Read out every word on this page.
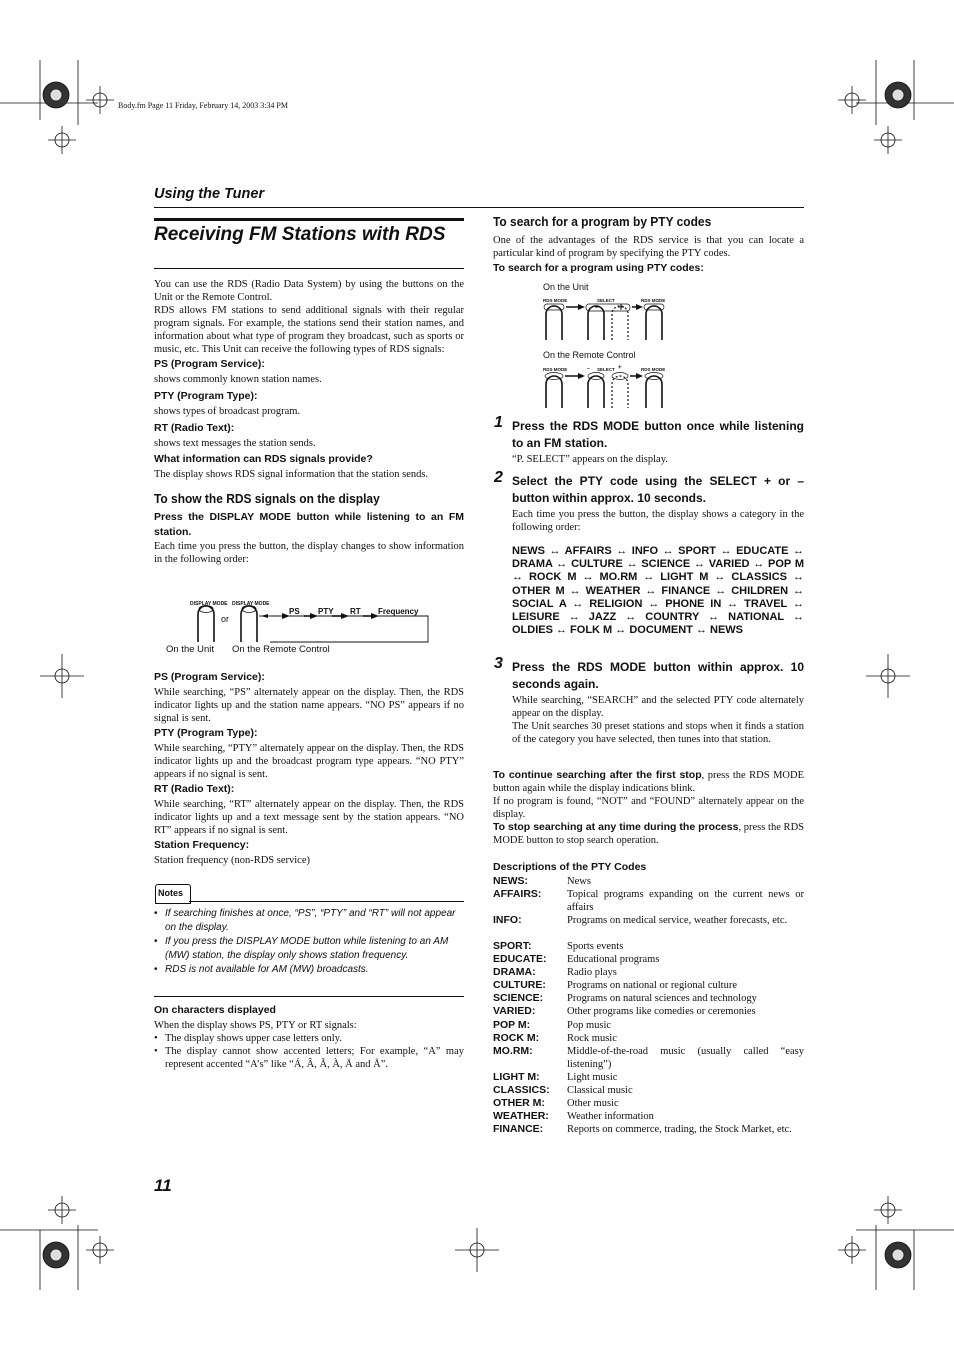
Body.fm Page 11 Friday, February 14, 2003 3:34 PM
Using the Tuner
Receiving FM Stations with RDS
You can use the RDS (Radio Data System) by using the buttons on the Unit or the Remote Control.
RDS allows FM stations to send additional signals with their regular program signals. For example, the stations send their station names, and information about what type of program they broadcast, such as sports or music, etc. This Unit can receive the following types of RDS signals:
PS (Program Service):
shows commonly known station names.
PTY (Program Type):
shows types of broadcast program.
RT (Radio Text):
shows text messages the station sends.
What information can RDS signals provide?
The display shows RDS signal information that the station sends.
To show the RDS signals on the display
Press the DISPLAY MODE button while listening to an FM station.
Each time you press the button, the display changes to show information in the following order:
DISPLAY MODE DISPLAY MODE
or
PS PTY RT Frequency
On the Unit On the Remote Control
PS (Program Service):
While searching, “PS” alternately appear on the display. Then, the RDS indicator lights up and the station name appears. “NO PS” appears if no signal is sent.
PTY (Program Type):
While searching, “PTY” alternately appear on the display. Then, the RDS indicator lights up and the broadcast program type appears. “NO PTY” appears if no signal is sent.
RT (Radio Text):
While searching, “RT” alternately appear on the display. Then, the RDS indicator lights up and a text message sent by the station appears. “NO RT” appears if no signal is sent.
Station Frequency:
Station frequency (non-RDS service)
Notes
• If searching finishes at once, “PS”, “PTY” and “RT” will not appear on the display.
• If you press the DISPLAY MODE button while listening to an AM (MW) station, the display only shows station frequency.
• RDS is not available for AM (MW) broadcasts.
On characters displayed
When the display shows PS, PTY or RT signals:
• The display shows upper case letters only.
• The display cannot show accented letters; For example, “A” may represent accented “A’s” like “Á, Â, Ã, À, Ä and Å”.
11
To search for a program by PTY codes
One of the advantages of the RDS service is that you can locate a particular kind of program by specifying the PTY codes.
To search for a program using PTY codes:
On the Unit
RDS MODE	SELECT	RDS MODE
On the Remote Control
RDS MODE	– SELECT +	RDS MODE
1 Press the RDS MODE button once while listening to an FM station.
“P. SELECT” appears on the display.
2 Select the PTY code using the SELECT + or – button within approx. 10 seconds.
Each time you press the button, the display shows a category in the following order:
NEWS ↔ AFFAIRS ↔ INFO ↔ SPORT ↔ EDUCATE ↔ DRAMA ↔ CULTURE ↔ SCIENCE ↔ VARIED ↔ POP M ↔ ROCK M ↔ MO.RM ↔ LIGHT M ↔ CLASSICS ↔ OTHER M ↔ WEATHER ↔ FINANCE ↔ CHILDREN ↔ SOCIAL A ↔ RELIGION ↔ PHONE IN ↔ TRAVEL ↔ LEISURE ↔ JAZZ ↔ COUNTRY ↔ NATIONAL ↔ OLDIES ↔ FOLK M ↔ DOCUMENT ↔ NEWS
3 Press the RDS MODE button within approx. 10 seconds again.
While searching, “SEARCH” and the selected PTY code alternately appear on the display.
The Unit searches 30 preset stations and stops when it finds a station of the category you have selected, then tunes into that station.
To continue searching after the first stop, press the RDS MODE button again while the display indications blink.
If no program is found, “NOT” and “FOUND” alternately appear on the display.
To stop searching at any time during the process, press the RDS MODE button to stop search operation.
Descriptions of the PTY Codes
NEWS:	News
AFFAIRS: Topical programs expanding on the current news or affairs
INFO:	Programs on medical service, weather forecasts, etc.
SPORT:	Sports events
EDUCATE: Educational programs
DRAMA:	Radio plays
CULTURE: Programs on national or regional culture
SCIENCE: Programs on natural sciences and technology
VARIED:	Other programs like comedies or ceremonies
POP M:	Pop music
ROCK M:	Rock music
MO.RM:	Middle-of-the-road music (usually called “easy listening”)
LIGHT M:	Light music
CLASSICS: Classical music
OTHER M: Other music
WEATHER: Weather information
FINANCE: Reports on commerce, trading, the Stock Market, etc.
